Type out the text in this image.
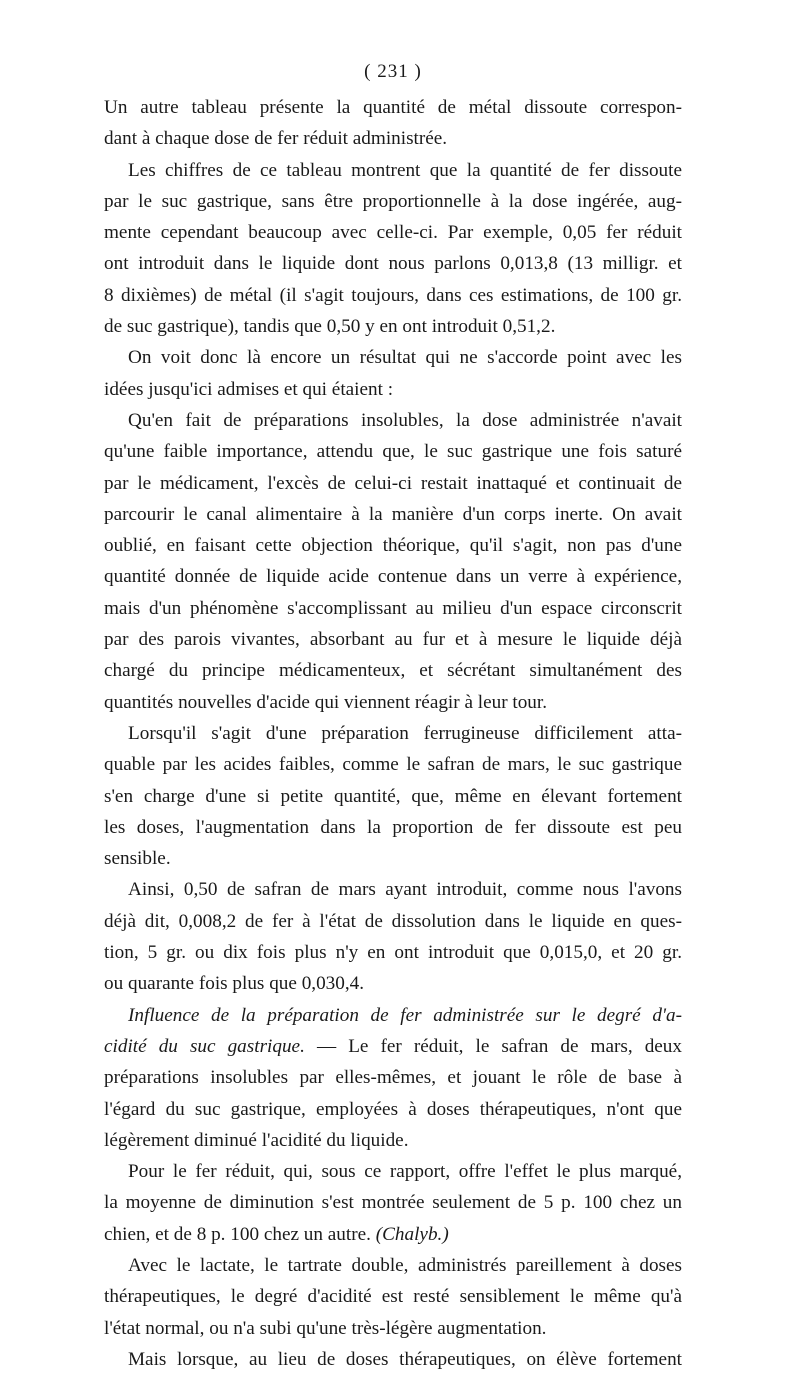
( 231 )
Un autre tableau présente la quantité de métal dissoute correspon-
dant à chaque dose de fer réduit administrée.
Les chiffres de ce tableau montrent que la quantité de fer dissoute
par le suc gastrique, sans être proportionnelle à la dose ingérée, aug-
mente cependant beaucoup avec celle-ci. Par exemple, 0,05 fer réduit
ont introduit dans le liquide dont nous parlons 0,013,8 (13 milligr. et
8 dixièmes) de métal (il s'agit toujours, dans ces estimations, de 100 gr.
de suc gastrique), tandis que 0,50 y en ont introduit 0,51,2.
On voit donc là encore un résultat qui ne s'accorde point avec les
idées jusqu'ici admises et qui étaient :
Qu'en fait de préparations insolubles, la dose administrée n'avait
qu'une faible importance, attendu que, le suc gastrique une fois saturé
par le médicament, l'excès de celui-ci restait inattaqué et continuait de
parcourir le canal alimentaire à la manière d'un corps inerte. On avait
oublié, en faisant cette objection théorique, qu'il s'agit, non pas d'une
quantité donnée de liquide acide contenue dans un verre à expérience,
mais d'un phénomène s'accomplissant au milieu d'un espace circonscrit
par des parois vivantes, absorbant au fur et à mesure le liquide déjà
chargé du principe médicamenteux, et sécrétant simultanément des
quantités nouvelles d'acide qui viennent réagir à leur tour.
Lorsqu'il s'agit d'une préparation ferrugineuse difficilement atta-
quable par les acides faibles, comme le safran de mars, le suc gastrique
s'en charge d'une si petite quantité, que, même en élevant fortement
les doses, l'augmentation dans la proportion de fer dissoute est peu
sensible.
Ainsi, 0,50 de safran de mars ayant introduit, comme nous l'avons
déjà dit, 0,008,2 de fer à l'état de dissolution dans le liquide en ques-
tion, 5 gr. ou dix fois plus n'y en ont introduit que 0,015,0, et 20 gr.
ou quarante fois plus que 0,030,4.
Influence de la préparation de fer administrée sur le degré d'a-
cidité du suc gastrique. — Le fer réduit, le safran de mars, deux
préparations insolubles par elles-mêmes, et jouant le rôle de base à
l'égard du suc gastrique, employées à doses thérapeutiques, n'ont que
légèrement diminué l'acidité du liquide.
Pour le fer réduit, qui, sous ce rapport, offre l'effet le plus marqué,
la moyenne de diminution s'est montrée seulement de 5 p. 100 chez un
chien, et de 8 p. 100 chez un autre. (Chalyb.)
Avec le lactate, le tartrate double, administrés pareillement à doses
thérapeutiques, le degré d'acidité est resté sensiblement le même qu'à
l'état normal, ou n'a subi qu'une très-légère augmentation.
Mais lorsque, au lieu de doses thérapeutiques, on élève fortement
